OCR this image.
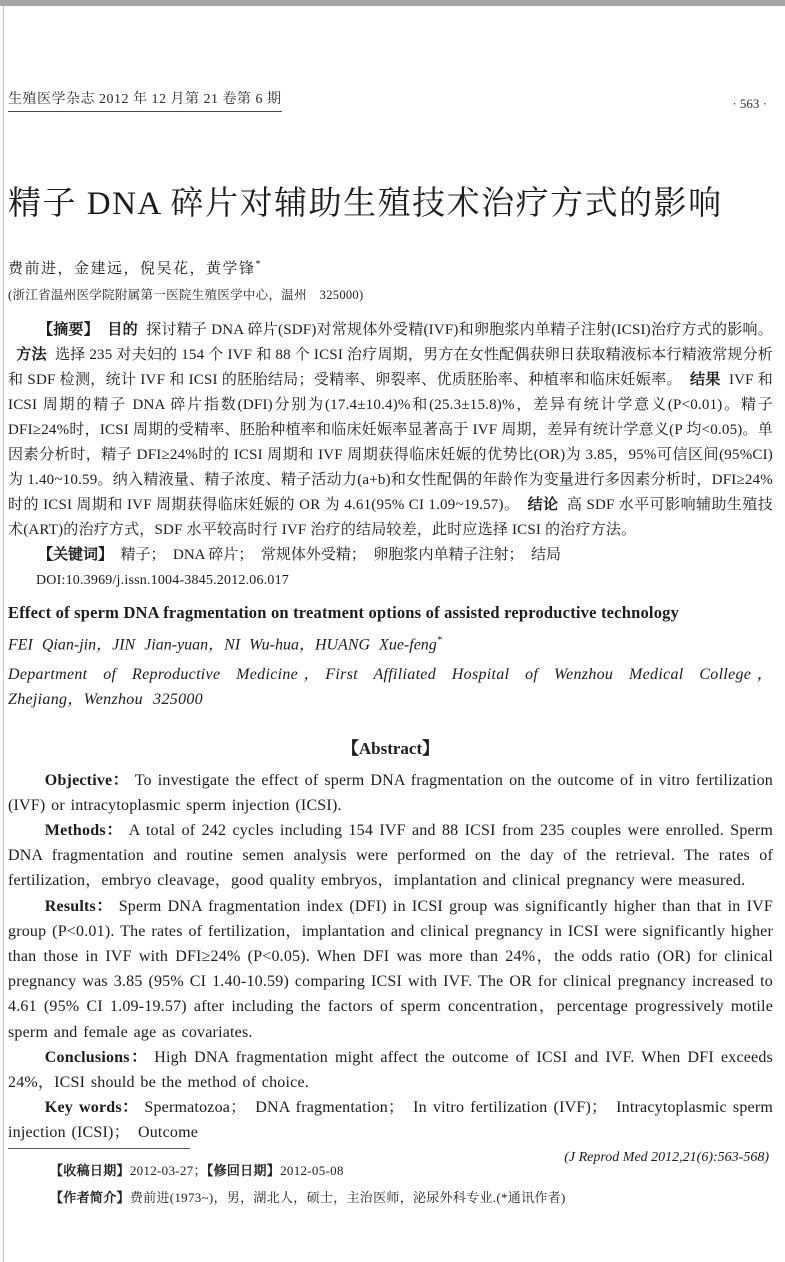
生殖医学杂志 2012 年 12 月第 21 卷第 6 期	· 563 ·
精子 DNA 碎片对辅助生殖技术治疗方式的影响
费前进，金建远，倪吴花，黄学锋*
(浙江省温州医学院附属第一医院生殖医学中心，温州　325000)
【摘要】 目的 探讨精子 DNA 碎片(SDF)对常规体外受精(IVF)和卵胞浆内单精子注射(ICSI)治疗方式的影响。方法 选择 235 对夫妇的 154 个 IVF 和 88 个 ICSI 治疗周期，男方在女性配偶获卵日获取精液标本行精液常规分析和 SDF 检测，统计 IVF 和 ICSI 的胚胎结局；受精率、卵裂率、优质胚胎率、种植率和临床妊娠率。 结果 IVF 和 ICSI 周期的精子 DNA 碎片指数(DFI)分别为(17.4±10.4)%和(25.3±15.8)%，差异有统计学意义(P<0.01)。精子 DFI≥24%时，ICSI 周期的受精率、胚胎种植率和临床妊娠率显著高于 IVF 周期，差异有统计学意义(P 均<0.05)。单因素分析时，精子 DFI≥24%时的 ICSI 周期和 IVF 周期获得临床妊娠的优势比(OR)为 3.85，95%可信区间(95%CI)为 1.40~10.59。纳入精液量、精子浓度、精子活动力(a+b)和女性配偶的年龄作为变量进行多因素分析时，DFI≥24%时的 ICSI 周期和 IVF 周期获得临床妊娠的 OR 为 4.61(95% CI 1.09~19.57)。 结论 高 SDF 水平可影响辅助生殖技术(ART)的治疗方式，SDF 水平较高时行 IVF 治疗的结局较差，此时应选择 ICSI 的治疗方法。
【关键词】 精子；　DNA 碎片；　常规体外受精；　卵胞浆内单精子注射；　结局
DOI:10.3969/j.issn.1004-3845.2012.06.017
Effect of sperm DNA fragmentation on treatment options of assisted reproductive technology
FEI Qian-jin，JIN Jian-yuan，NI Wu-hua，HUANG Xue-feng*
Department of Reproductive Medicine，First Affiliated Hospital of Wenzhou Medical College，Zhejiang，Wenzhou 325000
【Abstract】

Objective： To investigate the effect of sperm DNA fragmentation on the outcome of in vitro fertilization (IVF) or intracytoplasmic sperm injection (ICSI).

Methods： A total of 242 cycles including 154 IVF and 88 ICSI from 235 couples were enrolled. Sperm DNA fragmentation and routine semen analysis were performed on the day of the retrieval. The rates of fertilization，embryo cleavage，good quality embryos，implantation and clinical pregnancy were measured.

Results： Sperm DNA fragmentation index (DFI) in ICSI group was significantly higher than that in IVF group (P<0.01). The rates of fertilization，implantation and clinical pregnancy in ICSI were significantly higher than those in IVF with DFI≥24% (P<0.05). When DFI was more than 24%，the odds ratio (OR) for clinical pregnancy was 3.85 (95% CI 1.40-10.59) comparing ICSI with IVF. The OR for clinical pregnancy increased to 4.61 (95% CI 1.09-19.57) after including the factors of sperm concentration，percentage progressively motile sperm and female age as covariates.

Conclusions： High DNA fragmentation might affect the outcome of ICSI and IVF. When DFI exceeds 24%，ICSI should be the method of choice.

Key words： Spermatozoa；　DNA fragmentation；　In vitro fertilization (IVF)；　Intracytoplasmic sperm injection (ICSI)；　Outcome

(J Reprod Med 2012,21(6):563-568)
【收稿日期】2012-03-27；【修回日期】2012-05-08
【作者简介】费前进(1973~)，男，湖北人，硕士，主治医师，泌尿外科专业.(*通讯作者)
